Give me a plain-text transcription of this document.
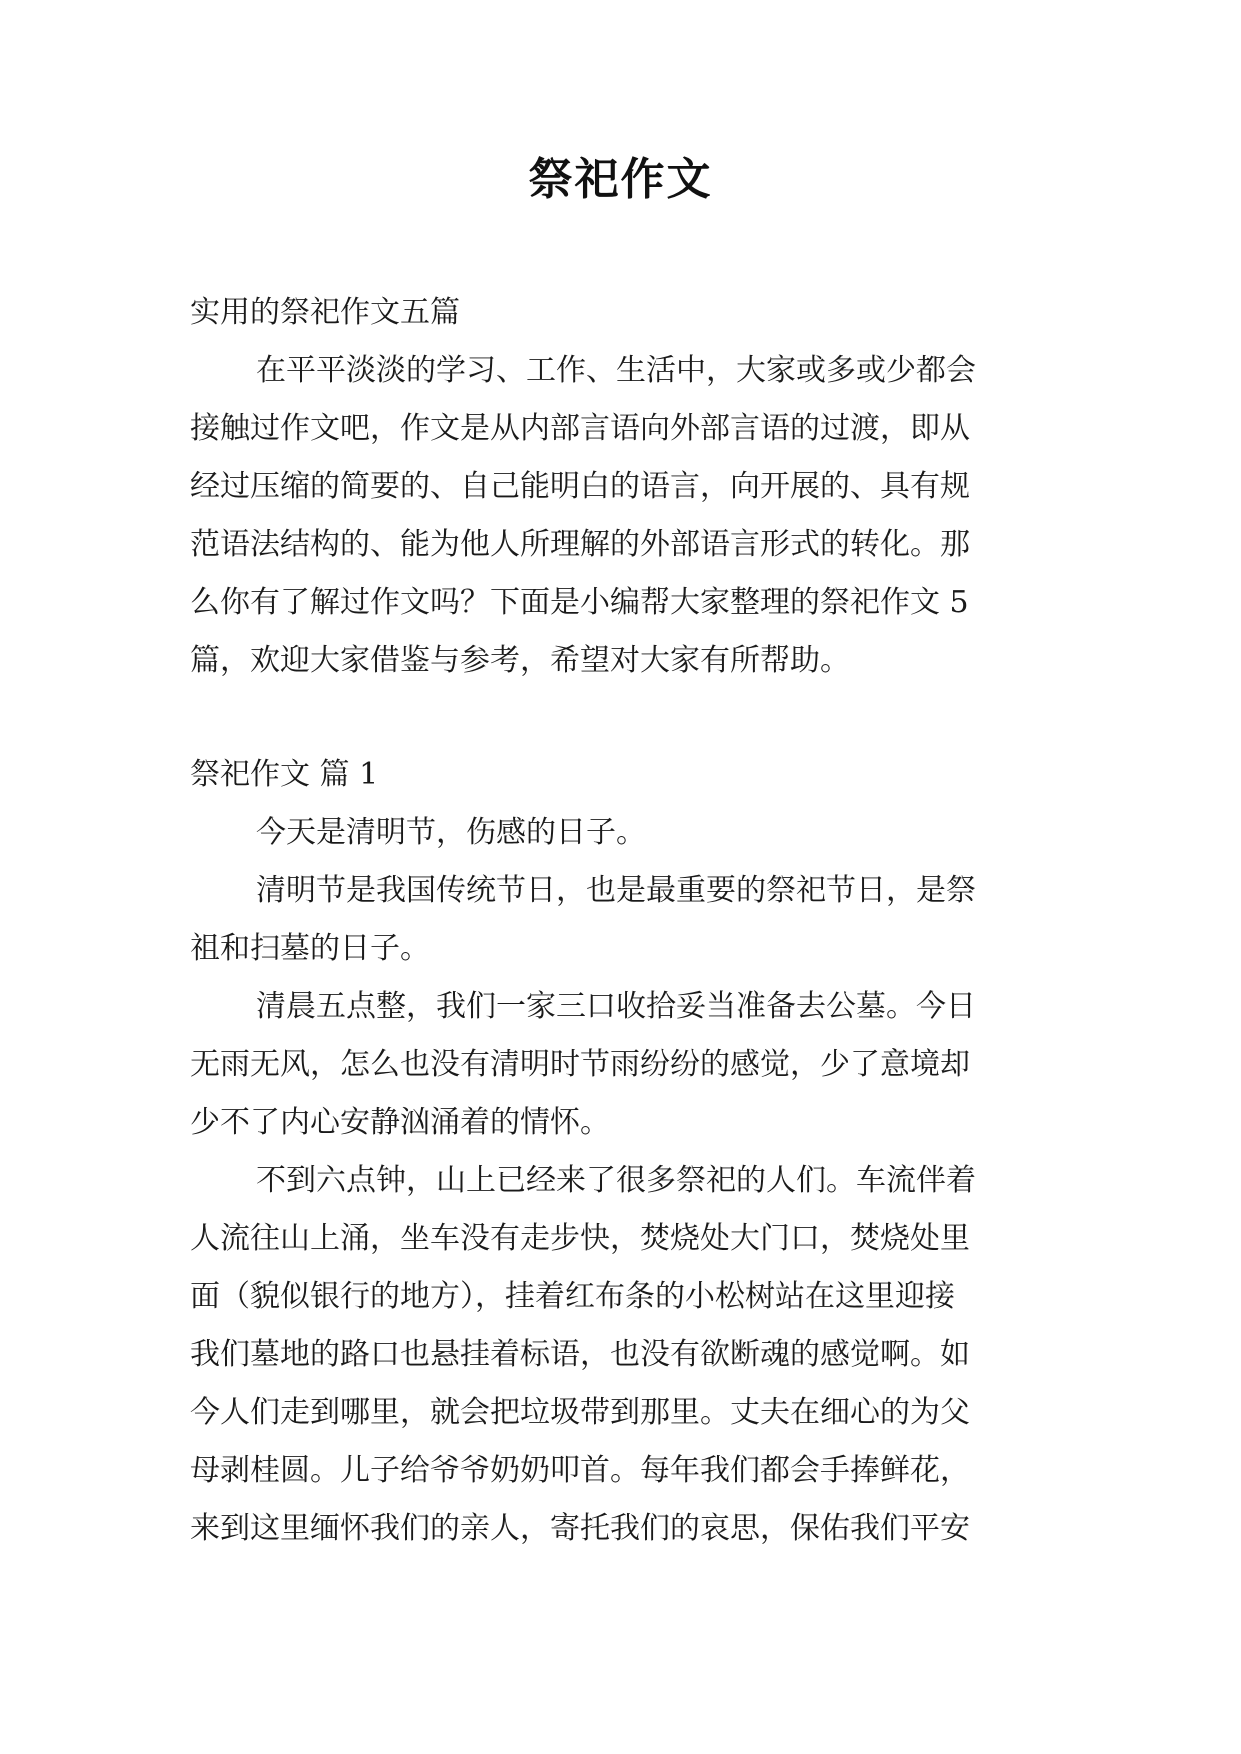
祭祀作文
实用的祭祀作文五篇
在平平淡淡的学习、工作、生活中，大家或多或少都会
接触过作文吧，作文是从内部言语向外部言语的过渡，即从
经过压缩的简要的、自己能明白的语言，向开展的、具有规
范语法结构的、能为他人所理解的外部语言形式的转化。那
么你有了解过作文吗？下面是小编帮大家整理的祭祀作文 5
篇，欢迎大家借鉴与参考，希望对大家有所帮助。
祭祀作文 篇 1
今天是清明节，伤感的日子。
清明节是我国传统节日，也是最重要的祭祀节日，是祭
祖和扫墓的日子。
清晨五点整，我们一家三口收拾妥当准备去公墓。今日
无雨无风，怎么也没有清明时节雨纷纷的感觉，少了意境却
少不了内心安静汹涌着的情怀。
不到六点钟，山上已经来了很多祭祀的人们。车流伴着
人流往山上涌，坐车没有走步快，焚烧处大门口，焚烧处里
面（貌似银行的地方），挂着红布条的小松树站在这里迎接
我们墓地的路口也悬挂着标语，也没有欲断魂的感觉啊。如
今人们走到哪里，就会把垃圾带到那里。丈夫在细心的为父
母剥桂圆。儿子给爷爷奶奶叩首。每年我们都会手捧鲜花，
来到这里缅怀我们的亲人，寄托我们的哀思，保佑我们平安
